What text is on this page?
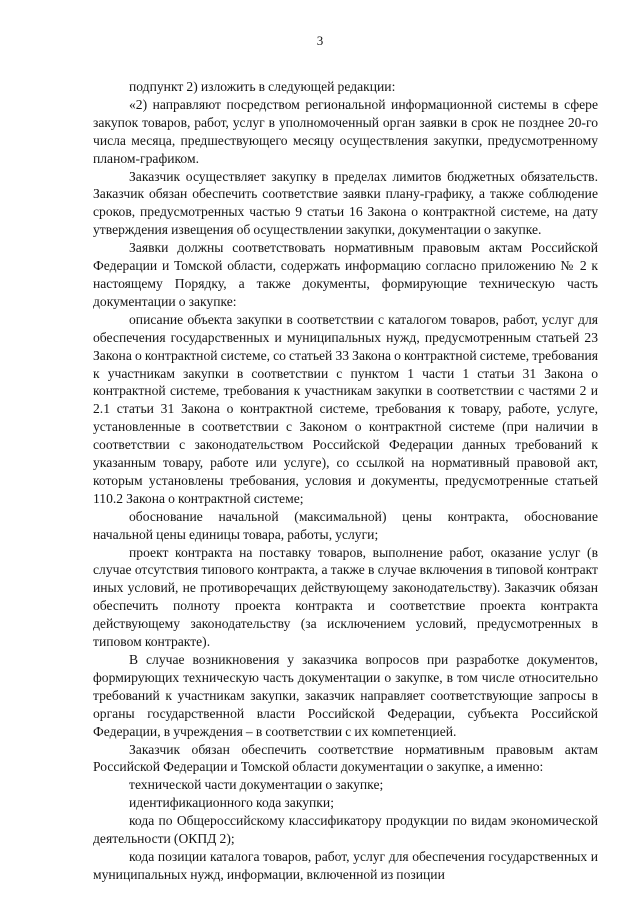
3

подпункт 2) изложить в следующей редакции:

«2) направляют посредством региональной информационной системы в сфере закупок товаров, работ, услуг в уполномоченный орган заявки в срок не позднее 20-го числа месяца, предшествующего месяцу осуществления закупки, предусмотренному планом-графиком.

Заказчик осуществляет закупку в пределах лимитов бюджетных обязательств. Заказчик обязан обеспечить соответствие заявки плану-графику, а также соблюдение сроков, предусмотренных частью 9 статьи 16 Закона о контрактной системе, на дату утверждения извещения об осуществлении закупки, документации о закупке.

Заявки должны соответствовать нормативным правовым актам Российской Федерации и Томской области, содержать информацию согласно приложению № 2 к настоящему Порядку, а также документы, формирующие техническую часть документации о закупке:

описание объекта закупки в соответствии с каталогом товаров, работ, услуг для обеспечения государственных и муниципальных нужд, предусмотренным статьей 23 Закона о контрактной системе, со статьей 33 Закона о контрактной системе, требования к участникам закупки в соответствии с пунктом 1 части 1 статьи 31 Закона о контрактной системе, требования к участникам закупки в соответствии с частями 2 и 2.1 статьи 31 Закона о контрактной системе, требования к товару, работе, услуге, установленные в соответствии с Законом о контрактной системе (при наличии в соответствии с законодательством Российской Федерации данных требований к указанным товару, работе или услуге), со ссылкой на нормативный правовой акт, которым установлены требования, условия и документы, предусмотренные статьей 110.2 Закона о контрактной системе;

обоснование начальной (максимальной) цены контракта, обоснование начальной цены единицы товара, работы, услуги;

проект контракта на поставку товаров, выполнение работ, оказание услуг (в случае отсутствия типового контракта, а также в случае включения в типовой контракт иных условий, не противоречащих действующему законодательству). Заказчик обязан обеспечить полноту проекта контракта и соответствие проекта контракта действующему законодательству (за исключением условий, предусмотренных в типовом контракте).

В случае возникновения у заказчика вопросов при разработке документов, формирующих техническую часть документации о закупке, в том числе относительно требований к участникам закупки, заказчик направляет соответствующие запросы в органы государственной власти Российской Федерации, субъекта Российской Федерации, в учреждения – в соответствии с их компетенцией.

Заказчик обязан обеспечить соответствие нормативным правовым актам Российской Федерации и Томской области документации о закупке, а именно:

технической части документации о закупке;

идентификационного кода закупки;

кода по Общероссийскому классификатору продукции по видам экономической деятельности (ОКПД 2);

кода позиции каталога товаров, работ, услуг для обеспечения государственных и муниципальных нужд, информации, включенной из позиции
